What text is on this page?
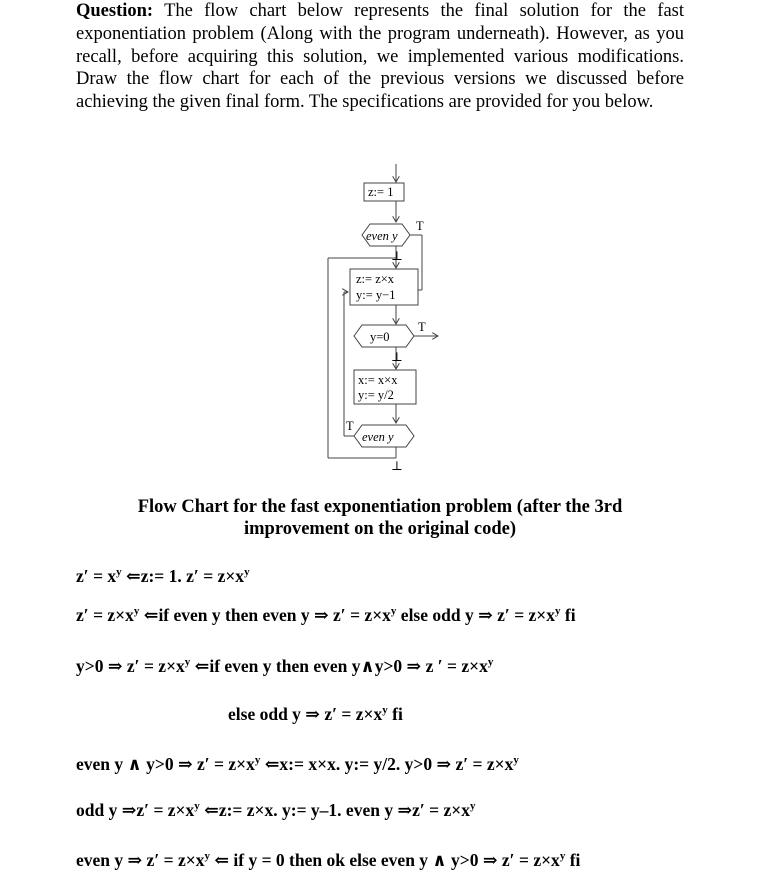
Question: The flow chart below represents the final solution for the fast exponentiation problem (Along with the program underneath). However, as you recall, before acquiring this solution, we implemented various modifications. Draw the flow chart for each of the previous versions we discussed before achieving the given final form. The specifications are provided for you below.
z:= 1
even y
T
⊥
z:= z×x
y:= y−1
y=0
T
⊥
x:= x×x
y:= y/2
T
even y
⊥
Flow Chart for the fast exponentiation problem (after the 3rd
improvement on the original code)
$z' = x^y$ ⇐z:= 1. $z' = z\times x^y$
$z' = z\times x^y$ ⇐if even y then even y ⇒ $z' = z\times x^y$ else odd y ⇒ $z' = z\times x^y$ fi
y>0 ⇒ $z' = z\times x^y$ ⇐if even y then even y∧y>0 ⇒ z ′ = $z\times x^y$
else odd y ⇒ $z' = z\times x^y$ fi
even y ∧ y>0 ⇒ $z' = z\times x^y$ ⇐x:= x×x. y:= y/2. y>0 ⇒ $z' = z\times x^y$
odd y ⇒z′ = $z\times x^y$ ⇐z:= z×x. y:= y–1. even y ⇒z′ = $z\times x^y$
even y ⇒ $z' = z\times x^y$ ⇐ if y = 0 then ok else even y ∧ y>0 ⇒ $z' = z\times x^y$ fi
